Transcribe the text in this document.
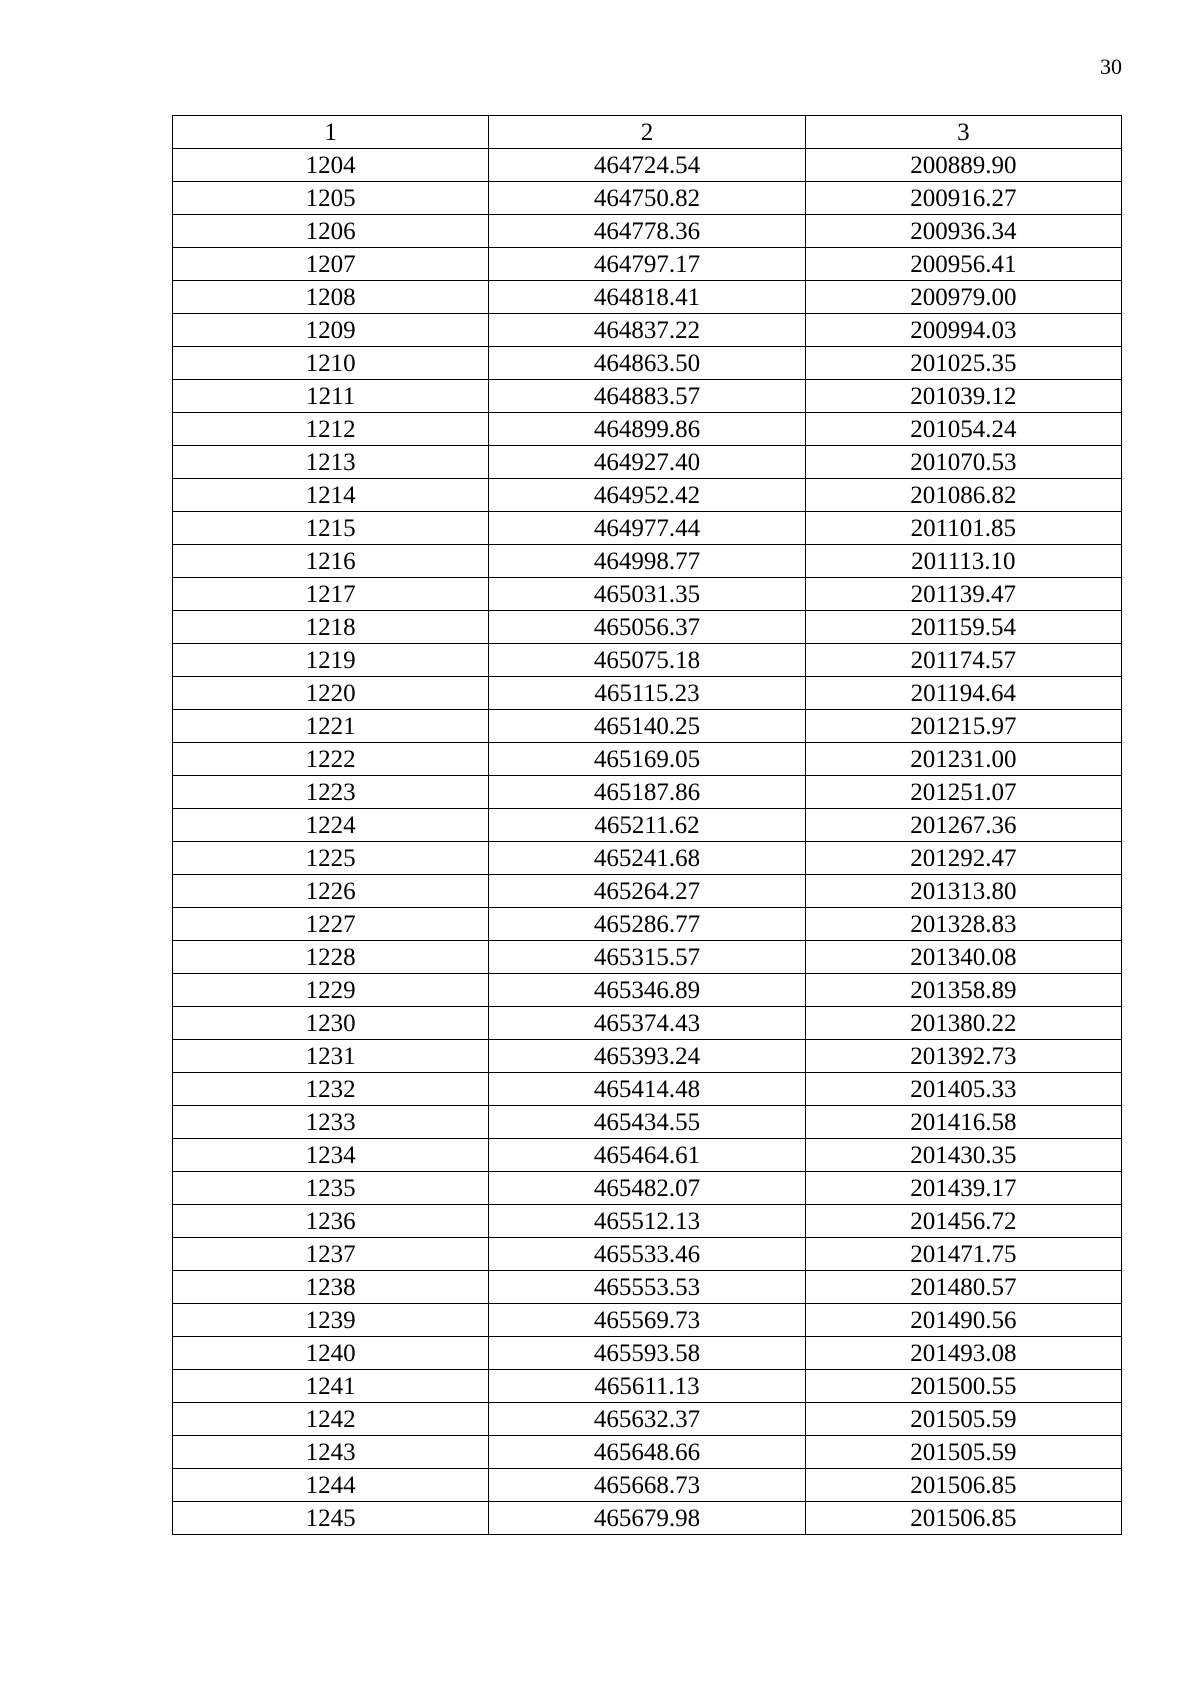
30
1	2	3
1204	464724.54	200889.90
1205	464750.82	200916.27
1206	464778.36	200936.34
1207	464797.17	200956.41
1208	464818.41	200979.00
1209	464837.22	200994.03
1210	464863.50	201025.35
1211	464883.57	201039.12
1212	464899.86	201054.24
1213	464927.40	201070.53
1214	464952.42	201086.82
1215	464977.44	201101.85
1216	464998.77	201113.10
1217	465031.35	201139.47
1218	465056.37	201159.54
1219	465075.18	201174.57
1220	465115.23	201194.64
1221	465140.25	201215.97
1222	465169.05	201231.00
1223	465187.86	201251.07
1224	465211.62	201267.36
1225	465241.68	201292.47
1226	465264.27	201313.80
1227	465286.77	201328.83
1228	465315.57	201340.08
1229	465346.89	201358.89
1230	465374.43	201380.22
1231	465393.24	201392.73
1232	465414.48	201405.33
1233	465434.55	201416.58
1234	465464.61	201430.35
1235	465482.07	201439.17
1236	465512.13	201456.72
1237	465533.46	201471.75
1238	465553.53	201480.57
1239	465569.73	201490.56
1240	465593.58	201493.08
1241	465611.13	201500.55
1242	465632.37	201505.59
1243	465648.66	201505.59
1244	465668.73	201506.85
1245	465679.98	201506.85
